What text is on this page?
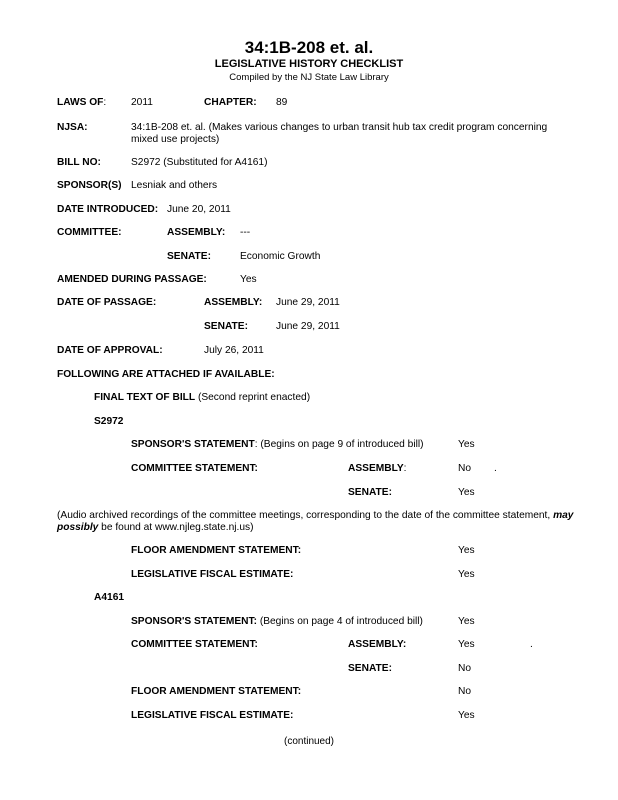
34:1B-208 et. al.
LEGISLATIVE HISTORY CHECKLIST
Compiled by the NJ State Law Library
LAWS OF: 2011	CHAPTER: 89
NJSA:	34:1B-208 et. al. (Makes various changes to urban transit hub tax credit program concerning mixed use projects)
BILL NO:	S2972 (Substituted for A4161)
SPONSOR(S) Lesniak and others
DATE INTRODUCED: June 20, 2011
COMMITTEE:	ASSEMBLY: ---
SENATE:	Economic Growth
AMENDED DURING PASSAGE:	Yes
DATE OF PASSAGE:	ASSEMBLY: June 29, 2011
SENATE:	June 29, 2011
DATE OF APPROVAL:	July 26, 2011
FOLLOWING ARE ATTACHED IF AVAILABLE:
FINAL TEXT OF BILL (Second reprint enacted)
S2972
SPONSOR'S STATEMENT: (Begins on page 9 of introduced bill)	Yes
COMMITTEE STATEMENT:	ASSEMBLY:	No .
SENATE:	Yes
(Audio archived recordings of the committee meetings, corresponding to the date of the committee statement, may possibly be found at www.njleg.state.nj.us)
FLOOR AMENDMENT STATEMENT:	Yes
LEGISLATIVE FISCAL ESTIMATE:	Yes
A4161
SPONSOR'S STATEMENT: (Begins on page 4 of introduced bill)	Yes
COMMITTEE STATEMENT:	ASSEMBLY:	Yes	.
SENATE:	No
FLOOR AMENDMENT STATEMENT:	No
LEGISLATIVE FISCAL ESTIMATE:	Yes
(continued)
